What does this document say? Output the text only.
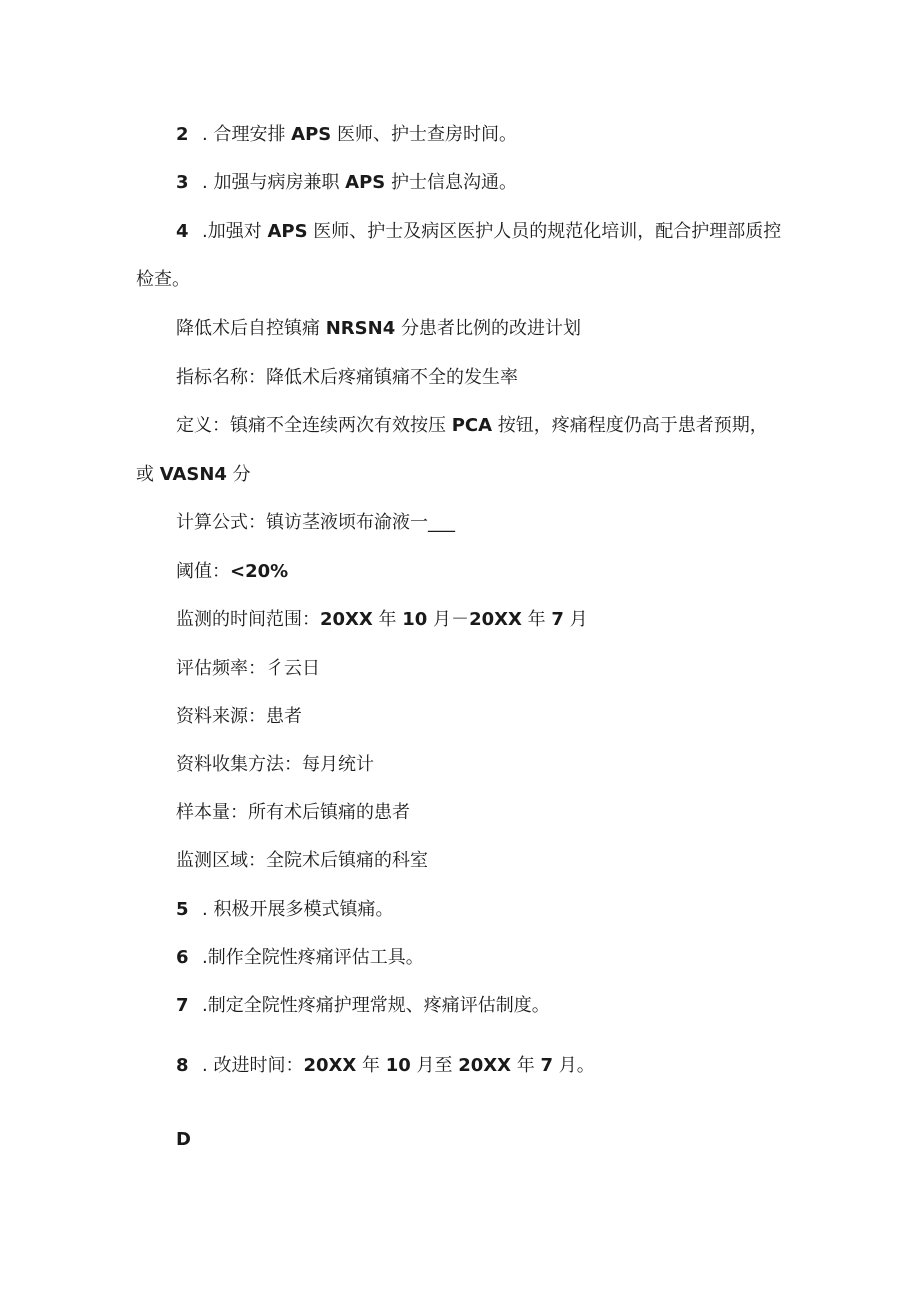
2 . 合理安排 APS 医师、护士查房时间。

3 . 加强与病房兼职 APS 护士信息沟通。

4 .加强对 APS 医师、护士及病区医护人员的规范化培训，配合护理部质控

检查。

降低术后自控镇痛 NRSN4 分患者比例的改进计划

指标名称：降低术后疼痛镇痛不全的发生率

定义：镇痛不全连续两次有效按压 PCA 按钮，疼痛程度仍高于患者预期，

或 VASN4 分

计算公式：镇访茎液顷布渝液一___

阈值：<20%

监测的时间范围：20XX 年 10 月－20XX 年 7 月

评估频率：彳云日

资料来源：患者

资料收集方法：每月统计

样本量：所有术后镇痛的患者

监测区域：全院术后镇痛的科室

5 . 积极开展多模式镇痛。

6 .制作全院性疼痛评估工具。

7 .制定全院性疼痛护理常规、疼痛评估制度。

8 . 改进时间：20XX 年 10 月至 20XX 年 7 月。

D
